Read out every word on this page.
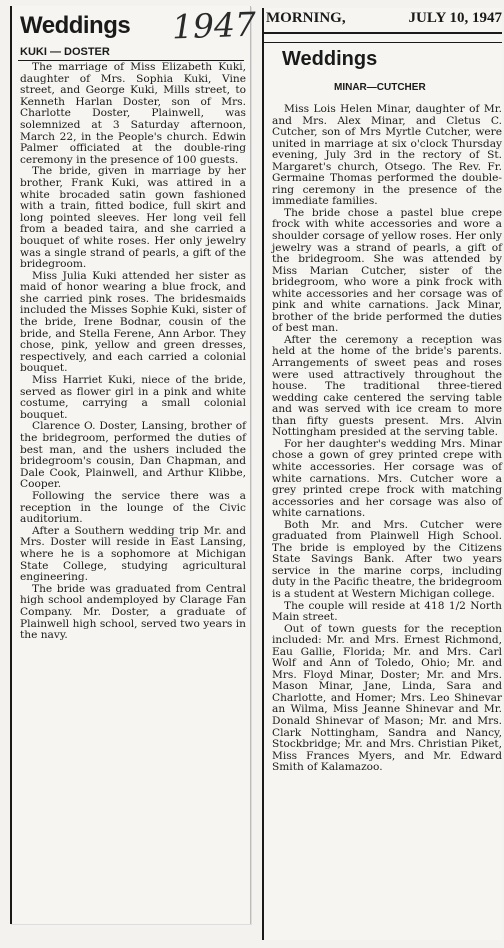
Weddings 1947
KUKI — DOSTER

The marriage of Miss Elizabeth Kuki, daughter of Mrs. Sophia Kuki, Vine street, and George Kuki, Mills street, to Kenneth Harlan Doster, son of Mrs. Charlotte Doster, Plainwell, was solemnized at 3 Saturday afternoon, March 22, in the People's church. Edwin Palmer officiated at the double-ring ceremony in the presence of 100 guests.

The bride, given in marriage by her brother, Frank Kuki, was attired in a white brocaded satin gown fashioned with a train, fitted bodice, full skirt and long pointed sleeves. Her long veil fell from a beaded taira, and she carried a bouquet of white roses. Her only jewelry was a single strand of pearls, a gift of the bridegroom.

Miss Julia Kuki attended her sister as maid of honor wearing a blue frock, and she carried pink roses. The bridesmaids included the Misses Sophie Kuki, sister of the bride, Irene Bodnar, cousin of the bride, and Stella Ferene, Ann Arbor. They chose, pink, yellow and green dresses, respectively, and each carried a colonial bouquet.

Miss Harriet Kuki, niece of the bride, served as flower girl in a pink and white costume, carrying a small colonial bouquet.

Clarence O. Doster, Lansing, brother of the bridegroom, performed the duties of best man, and the ushers included the bridegroom's cousin, Dan Chapman, and Dale Cook, Plainwell, and Arthur Klibbe, Cooper.

Following the service there was a reception in the lounge of the Civic auditorium.

After a Southern wedding trip Mr. and Mrs. Doster will reside in East Lansing, where he is a sophomore at Michigan State College, studying agricultural engineering.

The bride was graduated from Central high school andemployed by Clarage Fan Company. Mr. Doster, a graduate of Plainwell high school, served two years in the navy.

MORNING,	JULY 10, 1947
Weddings
MINAR—CUTCHER

Miss Lois Helen Minar, daughter of Mr. and Mrs. Alex Minar, and Cletus C. Cutcher, son of Mrs Myrtle Cutcher, were united in marriage at six o'clock Thursday evening, July 3rd in the rectory of St. Margaret's church, Otsego. The Rev. Fr. Germaine Thomas performed the double-ring ceremony in the presence of the immediate families.

The bride chose a pastel blue crepe frock with white accessories and wore a shoulder corsage of yellow roses. Her only jewelry was a strand of pearls, a gift of the bridegroom. She was attended by Miss Marian Cutcher, sister of the bridegroom, who wore a pink frock with white accessories and her corsage was of pink and white carnations. Jack Minar, brother of the bride performed the duties of best man.

After the ceremony a reception was held at the home of the bride's parents. Arrangements of sweet peas and roses were used attractively throughout the house. The traditional three-tiered wedding cake centered the serving table and was served with ice cream to more than fifty guests present. Mrs. Alvin Nottingham presided at the serving table.

For her daughter's wedding Mrs. Minar chose a gown of grey printed crepe with white accessories. Her corsage was of white carnations. Mrs. Cutcher wore a grey printed crepe frock with matching accessories and her corsage was also of white carnations.

Both Mr. and Mrs. Cutcher were graduated from Plainwell High School. The bride is employed by the Citizens State Savings Bank. After two years service in the marine corps, including duty in the Pacific theatre, the bridegroom is a student at Western Michigan college.

The couple will reside at 418 1/2 North Main street.

Out of town guests for the reception included: Mr. and Mrs. Ernest Richmond, Eau Gallie, Florida; Mr. and Mrs. Carl Wolf and Ann of Toledo, Ohio; Mr. and Mrs. Floyd Minar, Doster; Mr. and Mrs. Mason Minar, Jane, Linda, Sara and Charlotte, and Homer; Mrs. Leo Shinevar an Wilma, Miss Jeanne Shinevar and Mr. Donald Shinevar of Mason; Mr. and Mrs. Clark Nottingham, Sandra and Nancy, Stockbridge; Mr. and Mrs. Christian Piket, Miss Frances Myers, and Mr. Edward Smith of Kalamazoo.
